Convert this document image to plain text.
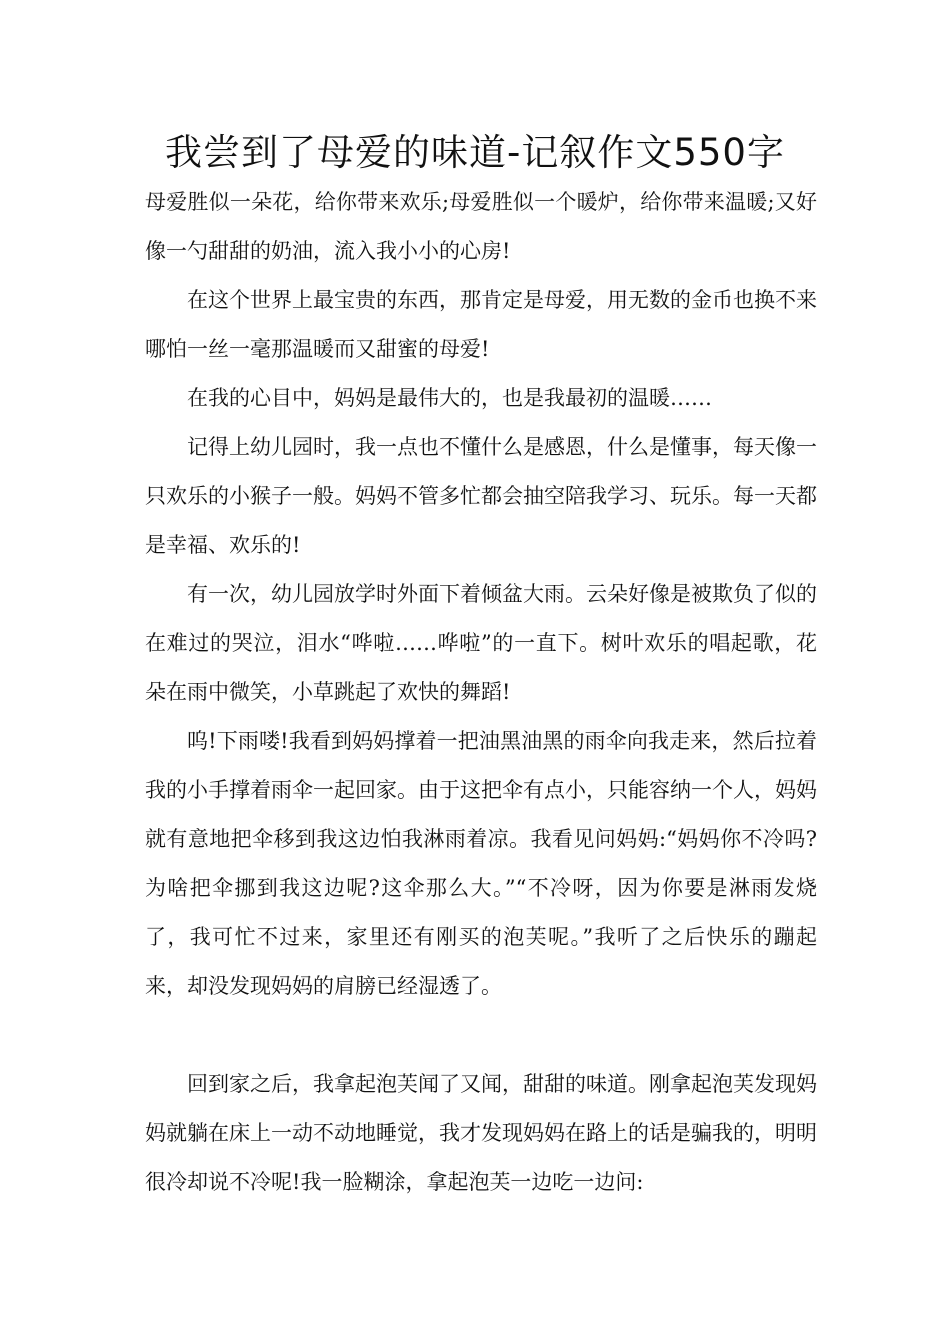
我尝到了母爱的味道-记叙作文550字

母爱胜似一朵花，给你带来欢乐;母爱胜似一个暖炉，给你带来温暖;又好像一勺甜甜的奶油，流入我小小的心房!

在这个世界上最宝贵的东西，那肯定是母爱，用无数的金币也换不来哪怕一丝一毫那温暖而又甜蜜的母爱!

在我的心目中，妈妈是最伟大的，也是我最初的温暖……

记得上幼儿园时，我一点也不懂什么是感恩，什么是懂事，每天像一只欢乐的小猴子一般。妈妈不管多忙都会抽空陪我学习、玩乐。每一天都是幸福、欢乐的!

有一次，幼儿园放学时外面下着倾盆大雨。云朵好像是被欺负了似的在难过的哭泣，泪水“哗啦……哗啦”的一直下。树叶欢乐的唱起歌，花朵在雨中微笑，小草跳起了欢快的舞蹈!

呜!下雨喽!我看到妈妈撑着一把油黑油黑的雨伞向我走来，然后拉着我的小手撑着雨伞一起回家。由于这把伞有点小，只能容纳一个人，妈妈就有意地把伞移到我这边怕我淋雨着凉。我看见问妈妈:“妈妈你不冷吗?为啥把伞挪到我这边呢?这伞那么大。”“不冷呀，因为你要是淋雨发烧了，我可忙不过来，家里还有刚买的泡芙呢。”我听了之后快乐的蹦起来，却没发现妈妈的肩膀已经湿透了。

回到家之后，我拿起泡芙闻了又闻，甜甜的味道。刚拿起泡芙发现妈妈就躺在床上一动不动地睡觉，我才发现妈妈在路上的话是骗我的，明明很冷却说不冷呢!我一脸糊涂，拿起泡芙一边吃一边问:
